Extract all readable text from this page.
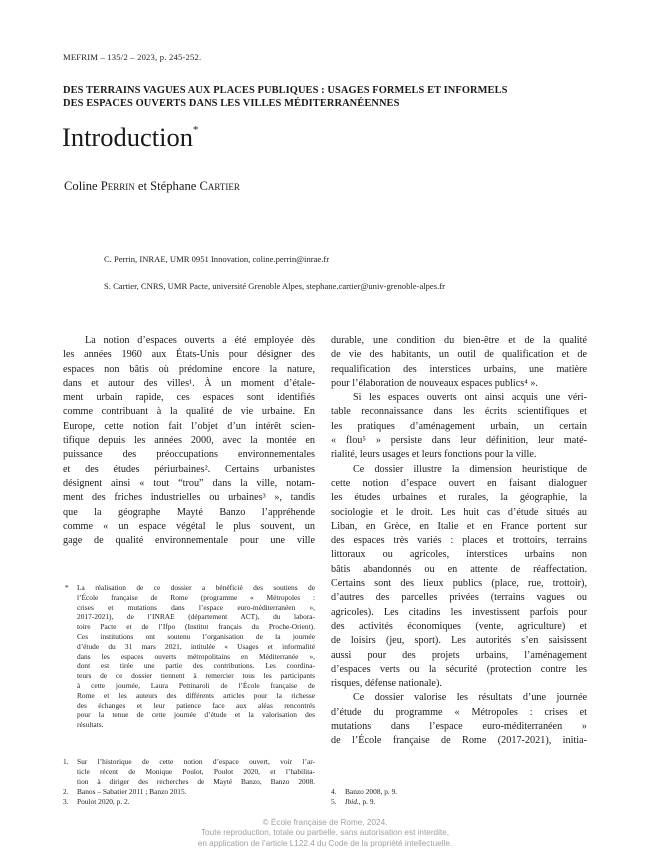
MEFRIM – 135/2 – 2023, p. 245-252.
DES TERRAINS VAGUES AUX PLACES PUBLIQUES : USAGES FORMELS ET INFORMELS
DES ESPACES OUVERTS DANS LES VILLES MÉDITERRANÉENNES
Introduction*
Coline Perrin et Stéphane Cartier
C. Perrin, INRAE, UMR 0951 Innovation, coline.perrin@inrae.fr
S. Cartier, CNRS, UMR Pacte, université Grenoble Alpes, stephane.cartier@univ-grenoble-alpes.fr
La notion d’espaces ouverts a été employée dès
les années 1960 aux États-Unis pour désigner des
espaces non bâtis où prédomine encore la nature,
dans et autour des villes¹. À un moment d’étale-
ment urbain rapide, ces espaces sont identifiés
comme contribuant à la qualité de vie urbaine. En
Europe, cette notion fait l’objet d’un intérêt scien-
tifique depuis les années 2000, avec la montée en
puissance des préoccupations environnementales
et des études périurbaines². Certains urbanistes
désignent ainsi « tout “trou” dans la ville, notam-
ment des friches industrielles ou urbaines³ », tandis
que la géographe Mayté Banzo l’appréhende
comme « un espace végétal le plus souvent, un
gage de qualité environnementale pour une ville
durable, une condition du bien-être et de la qualité
de vie des habitants, un outil de qualification et de
requalification des interstices urbains, une matière
pour l’élaboration de nouveaux espaces publics⁴ ».
Si les espaces ouverts ont ainsi acquis une véri-
table reconnaissance dans les écrits scientifiques et
les pratiques d’aménagement urbain, un certain
« flou⁵ » persiste dans leur définition, leur maté-
rialité, leurs usages et leurs fonctions pour la ville.
Ce dossier illustre la dimension heuristique de
cette notion d’espace ouvert en faisant dialoguer
les études urbaines et rurales, la géographie, la
sociologie et le droit. Les huit cas d’étude situés au
Liban, en Grèce, en Italie et en France portent sur
des espaces très variés : places et trottoirs, terrains
littoraux ou agricoles, interstices urbains non
bâtis abandonnés ou en attente de réaffectation.
Certains sont des lieux publics (place, rue, trottoir),
d’autres des parcelles privées (terrains vagues ou
agricoles). Les citadins les investissent parfois pour
des activités économiques (vente, agriculture) et
de loisirs (jeu, sport). Les autorités s’en saisissent
aussi pour des projets urbains, l’aménagement
d’espaces verts ou la sécurité (protection contre les
risques, défense nationale).
Ce dossier valorise les résultats d’une journée
d’étude du programme « Métropoles : crises et
mutations dans l’espace euro-méditerranéen »
de l’École française de Rome (2017-2021), initia-
* La réalisation de ce dossier a bénéficié des soutiens de
l’École française de Rome (programme « Métropoles :
crises et mutations dans l’espace euro-méditerranéen »,
2017-2021), de l’INRAE (département ACT), du labora-
toire Pacte et de l’Ifpo (Institut français du Proche-Orient).
Ces institutions ont soutenu l’organisation de la journée
d’étude du 31 mars 2021, intitulée « Usages et informalité
dans les espaces ouverts métropolitains en Méditerranée »,
dont est tirée une partie des contributions. Les coordina-
teurs de ce dossier tiennent à remercier tous les participants
à cette journée, Laura Pettinaroli de l’École française de
Rome et les auteurs des différents articles pour la richesse
des échanges et leur patience face aux aléas rencontrés
pour la tenue de cette journée d’étude et la valorisation des
résultats.
1. Sur l’historique de cette notion d’espace ouvert, voir l’ar-
ticle récent de Monique Poulot, Poulot 2020, et l’habilita-
tion à diriger des recherches de Mayté Banzo, Banzo 2008.
2. Banos – Sabatier 2011 ; Banzo 2015.
3. Poulot 2020, p. 2.
4. Banzo 2008, p. 9.
5. Ibid., p. 9.
© École française de Rome, 2024.
Toute reproduction, totale ou partielle, sans autorisation est interdite,
en application de l’article L122.4 du Code de la propriété intellectuelle.
